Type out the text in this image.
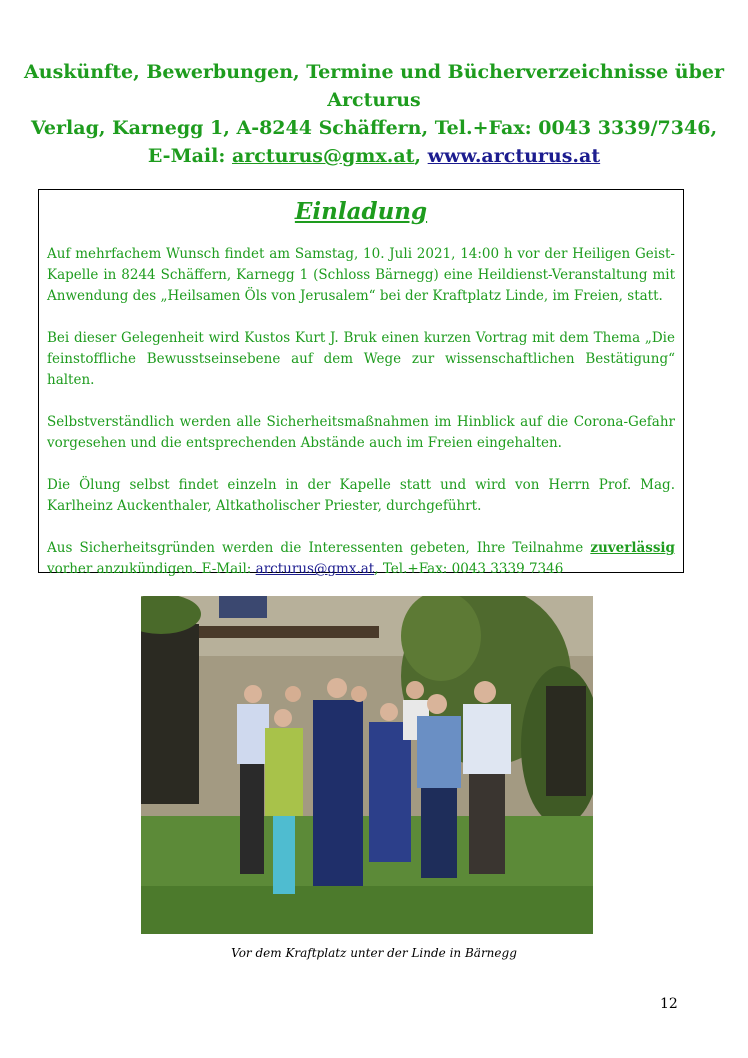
Auskünfte, Bewerbungen, Termine und Bücherverzeichnisse über Arcturus
Verlag, Karnegg 1, A-8244 Schäffern, Tel.+Fax: 0043 3339/7346,
E-Mail: arcturus@gmx.at, www.arcturus.at
Einladung

Auf mehrfachem Wunsch findet am Samstag, 10. Juli 2021, 14:00 h vor der Heiligen Geist-Kapelle in 8244 Schäffern, Karnegg 1 (Schloss Bärnegg) eine Heildienst-Veranstaltung mit Anwendung des „Heilsamen Öls von Jerusalem“ bei der Kraftplatz Linde, im Freien, statt.

Bei dieser Gelegenheit wird Kustos Kurt J. Bruk einen kurzen Vortrag mit dem Thema „Die feinstoffliche Bewusstseinsebene auf dem Wege zur wissenschaftlichen Bestätigung“ halten.

Selbstverständlich werden alle Sicherheitsmaßnahmen im Hinblick auf die Corona-Gefahr vorgesehen und die entsprechenden Abstände auch im Freien eingehalten.

Die Ölung selbst findet einzeln in der Kapelle statt und wird von Herrn Prof. Mag. Karlheinz Auckenthaler, Altkatholischer Priester, durchgeführt.

Aus Sicherheitsgründen werden die Interessenten gebeten, Ihre Teilnahme zuverlässig vorher anzukündigen. E-Mail: arcturus@gmx.at, Tel.+Fax: 0043 3339 7346

Vor dem Kraftplatz unter der Linde in Bärnegg
12
